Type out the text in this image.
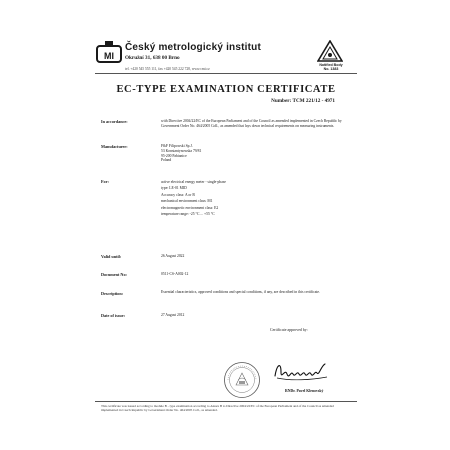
MI
Český metrologický institut
Okružní 31, 638 00 Brno
tel. +420 545 555 111, fax +420 545 222 728, www.cmi.cz
Notified Body
No. 1383
EC-TYPE EXAMINATION CERTIFICATE
Number: TCM 221/12 - 4971
In accordance:	with Directive 2004/22/EC of the European Parliament and of the Council as amended implemented in Czech Republic by Government Order No. 464/2005 Coll., as amended that lays down technical requirements on measuring instruments.
Manufacturer:	F&F Filipowski Sp.J.
53 Konstantynowska 79/81
95-200 Pabianice
Poland
For:	active electrical energy meter - single-phase
type: LE-01 MID
Accuracy class: A or B
mechanical environment class: M1
electromagnetic environment class: E2
temperature range: -25 °C ... +55 °C
Valid until:	26 August 2022
Document No:	0511-CS-A002-12
Description:	Essential characteristics, approved conditions and special conditions, if any, are described in this certificate.
Date of issue:	27 August 2012
Certificate approved by:
RNDr. Pavel Klenovský
This certificate was issued according to module B - type examination according to Annex B to Directive 2004/22/EC of the European Parliament and of the Council as amended implemented in Czech Republic by Government Order No. 464/2005 Coll., as amended.
